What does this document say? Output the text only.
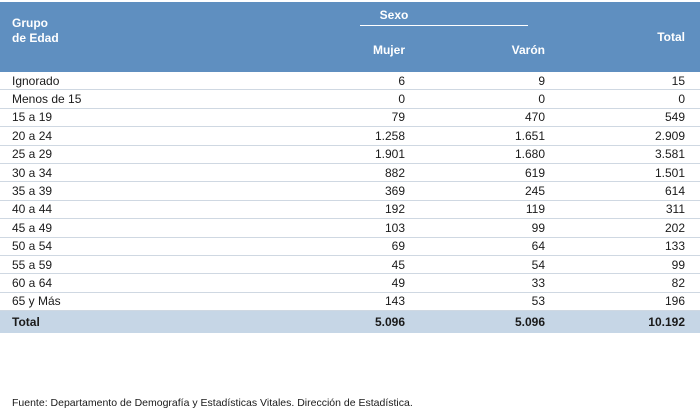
Grupo
de Edad	Sexo		Total
	Mujer	Varón	
Ignorado	6	9	15
Menos de 15	0	0	0
15 a 19	79	470	549
20 a 24	1.258	1.651	2.909
25 a 29	1.901	1.680	3.581
30 a 34	882	619	1.501
35 a 39	369	245	614
40 a 44	192	119	311
45 a 49	103	99	202
50 a 54	69	64	133
55 a 59	45	54	99
60 a 64	49	33	82
65 y Más	143	53	196
Total	5.096	5.096	10.192
Fuente: Departamento de Demografía y Estadísticas Vitales. Dirección de Estadística.
